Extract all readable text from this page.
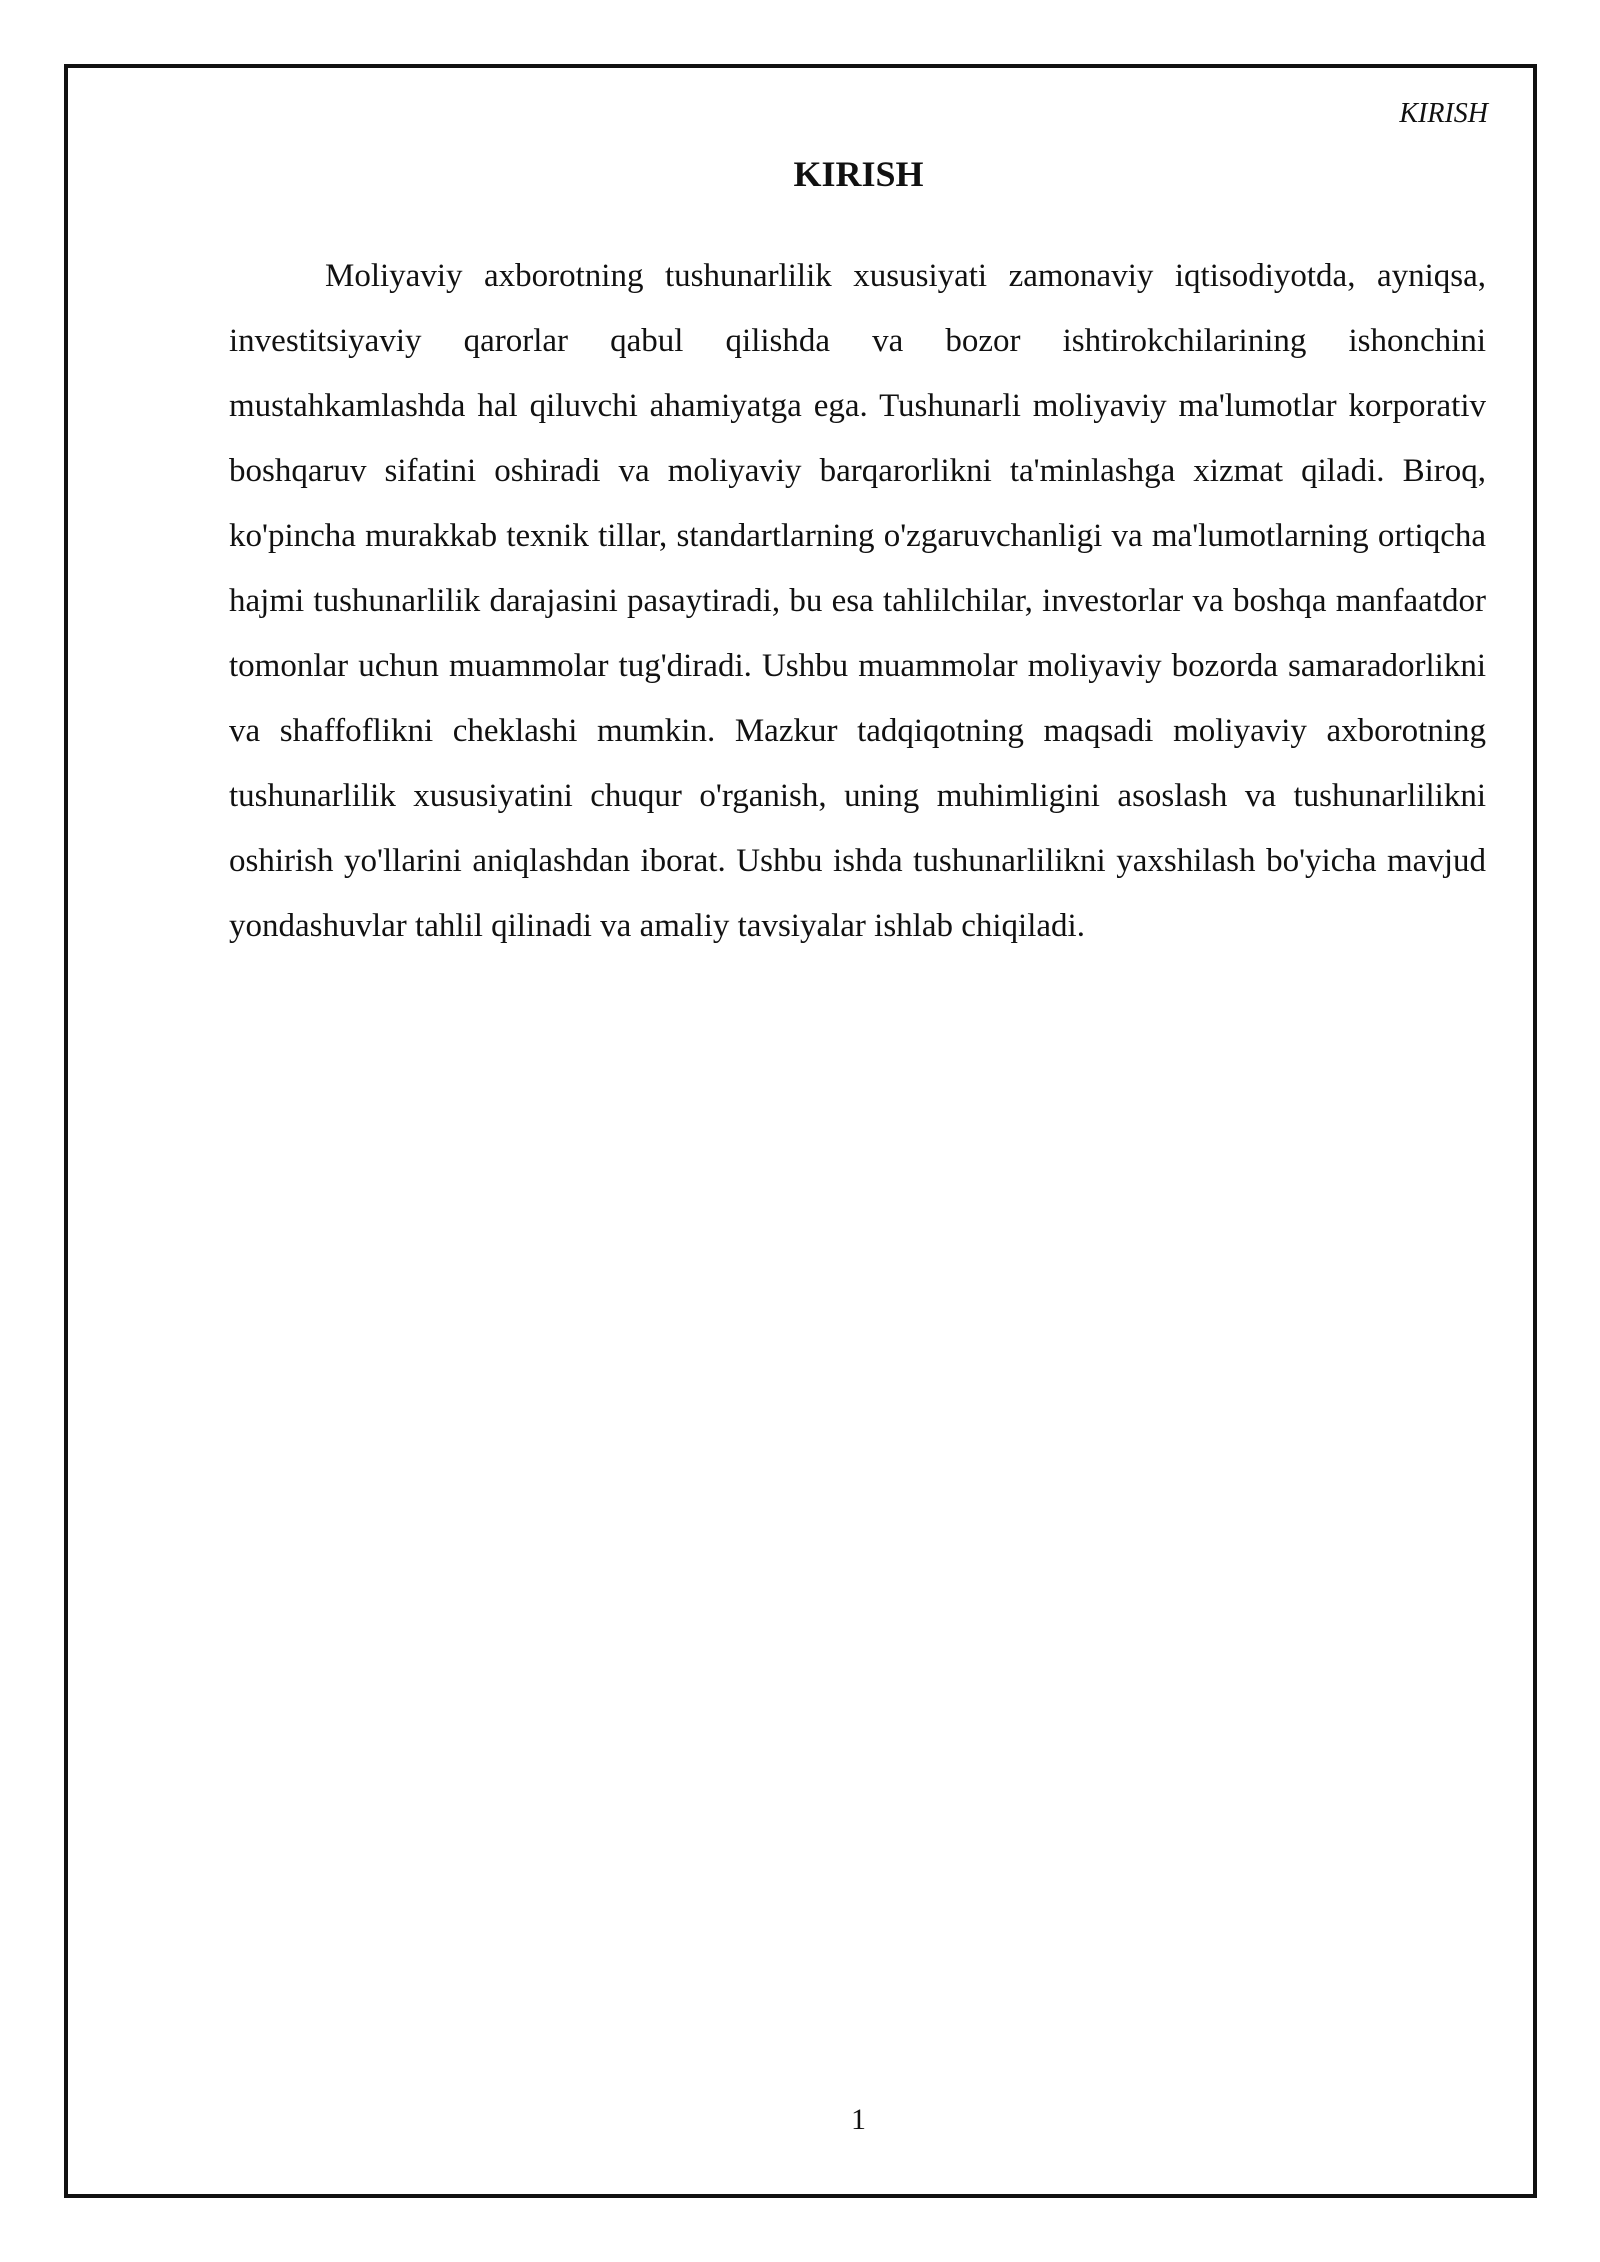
KIRISH
KIRISH

Moliyaviy axborotning tushunarlilik xususiyati zamonaviy iqtisodiyotda, ayniqsa, investitsiyaviy qarorlar qabul qilishda va bozor ishtirokchilarining ishonchini mustahkamlashda hal qiluvchi ahamiyatga ega. Tushunarli moliyaviy ma'lumotlar korporativ boshqaruv sifatini oshiradi va moliyaviy barqarorlikni ta'minlashga xizmat qiladi. Biroq, ko'pincha murakkab texnik tillar, standartlarning o'zgaruvchanligi va ma'lumotlarning ortiqcha hajmi tushunarlilik darajasini pasaytiradi, bu esa tahlilchilar, investorlar va boshqa manfaatdor tomonlar uchun muammolar tug'diradi. Ushbu muammolar moliyaviy bozorda samaradorlikni va shaffoflikni cheklashi mumkin. Mazkur tadqiqotning maqsadi moliyaviy axborotning tushunarlilik xususiyatini chuqur o'rganish, uning muhimligini asoslash va tushunarlilikni oshirish yo'llarini aniqlashdan iborat. Ushbu ishda tushunarlilikni yaxshilash bo'yicha mavjud yondashuvlar tahlil qilinadi va amaliy tavsiyalar ishlab chiqiladi.

1
